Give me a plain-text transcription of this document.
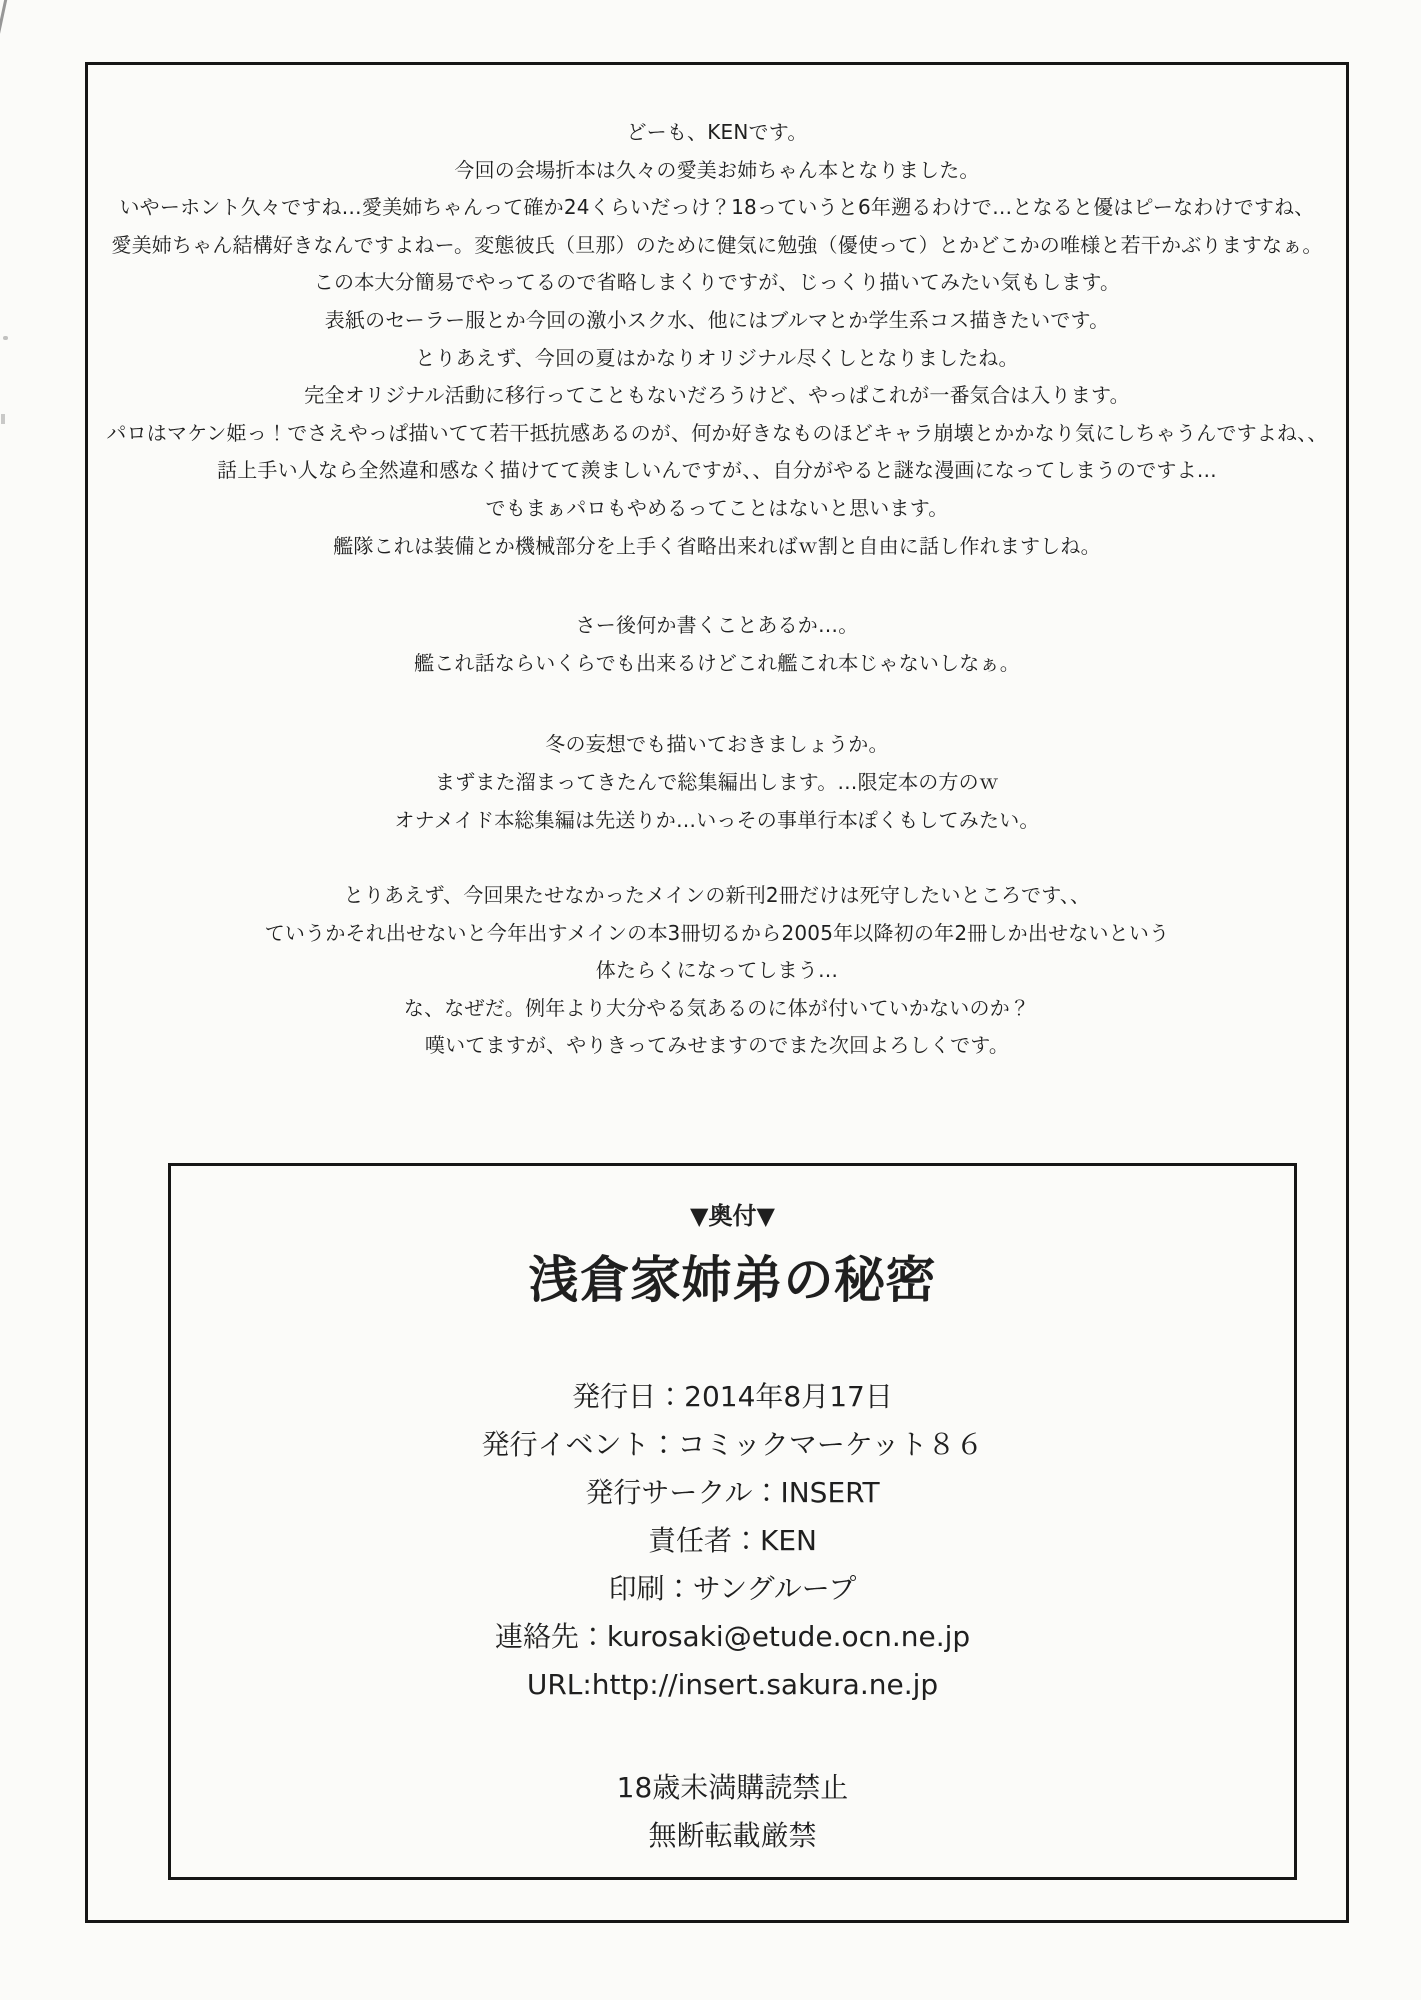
どーも、KENです。
今回の会場折本は久々の愛美お姉ちゃん本となりました。
いやーホント久々ですね…愛美姉ちゃんって確か24くらいだっけ？18っていうと6年遡るわけで…となると優はピーなわけですね、
愛美姉ちゃん結構好きなんですよねー。変態彼氏（旦那）のために健気に勉強（優使って）とかどこかの唯様と若干かぶりますなぁ。
この本大分簡易でやってるので省略しまくりですが、じっくり描いてみたい気もします。
表紙のセーラー服とか今回の激小スク水、他にはブルマとか学生系コス描きたいです。
とりあえず、今回の夏はかなりオリジナル尽くしとなりましたね。
完全オリジナル活動に移行ってこともないだろうけど、やっぱこれが一番気合は入ります。
パロはマケン姫っ！でさえやっぱ描いてて若干抵抗感あるのが、何か好きなものほどキャラ崩壊とかかなり気にしちゃうんですよね、、
話上手い人なら全然違和感なく描けてて羨ましいんですが、、自分がやると謎な漫画になってしまうのですよ…
でもまぁパロもやめるってことはないと思います。
艦隊これは装備とか機械部分を上手く省略出来ればｗ割と自由に話し作れますしね。
さー後何か書くことあるか…。
艦これ話ならいくらでも出来るけどこれ艦これ本じゃないしなぁ。
冬の妄想でも描いておきましょうか。
まずまた溜まってきたんで総集編出します。…限定本の方のｗ
オナメイド本総集編は先送りか…いっその事単行本ぽくもしてみたい。
とりあえず、今回果たせなかったメインの新刊2冊だけは死守したいところです、、
ていうかそれ出せないと今年出すメインの本3冊切るから2005年以降初の年2冊しか出せないという
体たらくになってしまう…
な、なぜだ。例年より大分やる気あるのに体が付いていかないのか？
嘆いてますが、やりきってみせますのでまた次回よろしくです。
▼奥付▼
浅倉家姉弟の秘密
発行日：2014年8月17日
発行イベント：コミックマーケット８６
発行サークル：INSERT
責任者：KEN
印刷：サングループ
連絡先：kurosaki@etude.ocn.ne.jp
URL:http://insert.sakura.ne.jp
18歳未満購読禁止
無断転載厳禁
